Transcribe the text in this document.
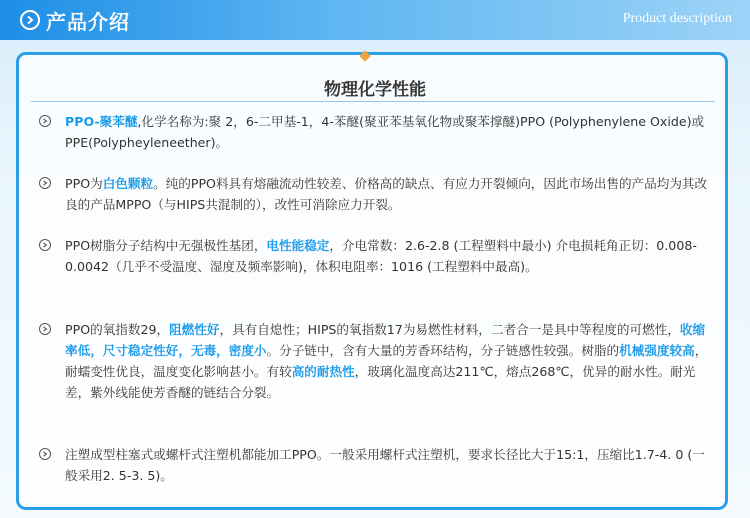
产品介绍	Product description
物理化学性能
PPO-聚苯醚,化学名称为:聚 2，6-二甲基-1，4-苯醚(聚亚苯基氧化物或聚苯撑醚)PPO (Polyphenylene Oxide)或 PPE(Polypheyleneether)。
PPO为白色颗粒。纯的PPO料具有熔融流动性较差、价格高的缺点、有应力开裂倾向，因此市场出售的产品均为其改良的产品MPPO（与HIPS共混制的），改性可消除应力开裂。
PPO树脂分子结构中无强极性基团，电性能稳定，介电常数：2.6-2.8 (工程塑料中最小) 介电损耗角正切：0.008-0.0042（几乎不受温度、湿度及频率影响)，体积电阻率：1016 (工程塑料中最高)。
PPO的氧指数29，阻燃性好，具有自熄性；HIPS的氧指数17为易燃性材料，二者合一是具中等程度的可燃性，收缩率低，尺寸稳定性好，无毒，密度小。分子链中，含有大量的芳香环结构，分子链感性较强。树脂的机械强度较高，耐蠕变性优良，温度变化影响甚小。有较高的耐热性，玻璃化温度高达211℃，熔点268℃，优异的耐水性。耐光差，紫外线能使芳香醚的链结合分裂。
注塑成型柱塞式或螺杆式注塑机都能加工PPO。一般采用螺杆式注塑机，要求长径比大于15:1，压缩比1.7-4. 0 (一般采用2. 5-3. 5)。
